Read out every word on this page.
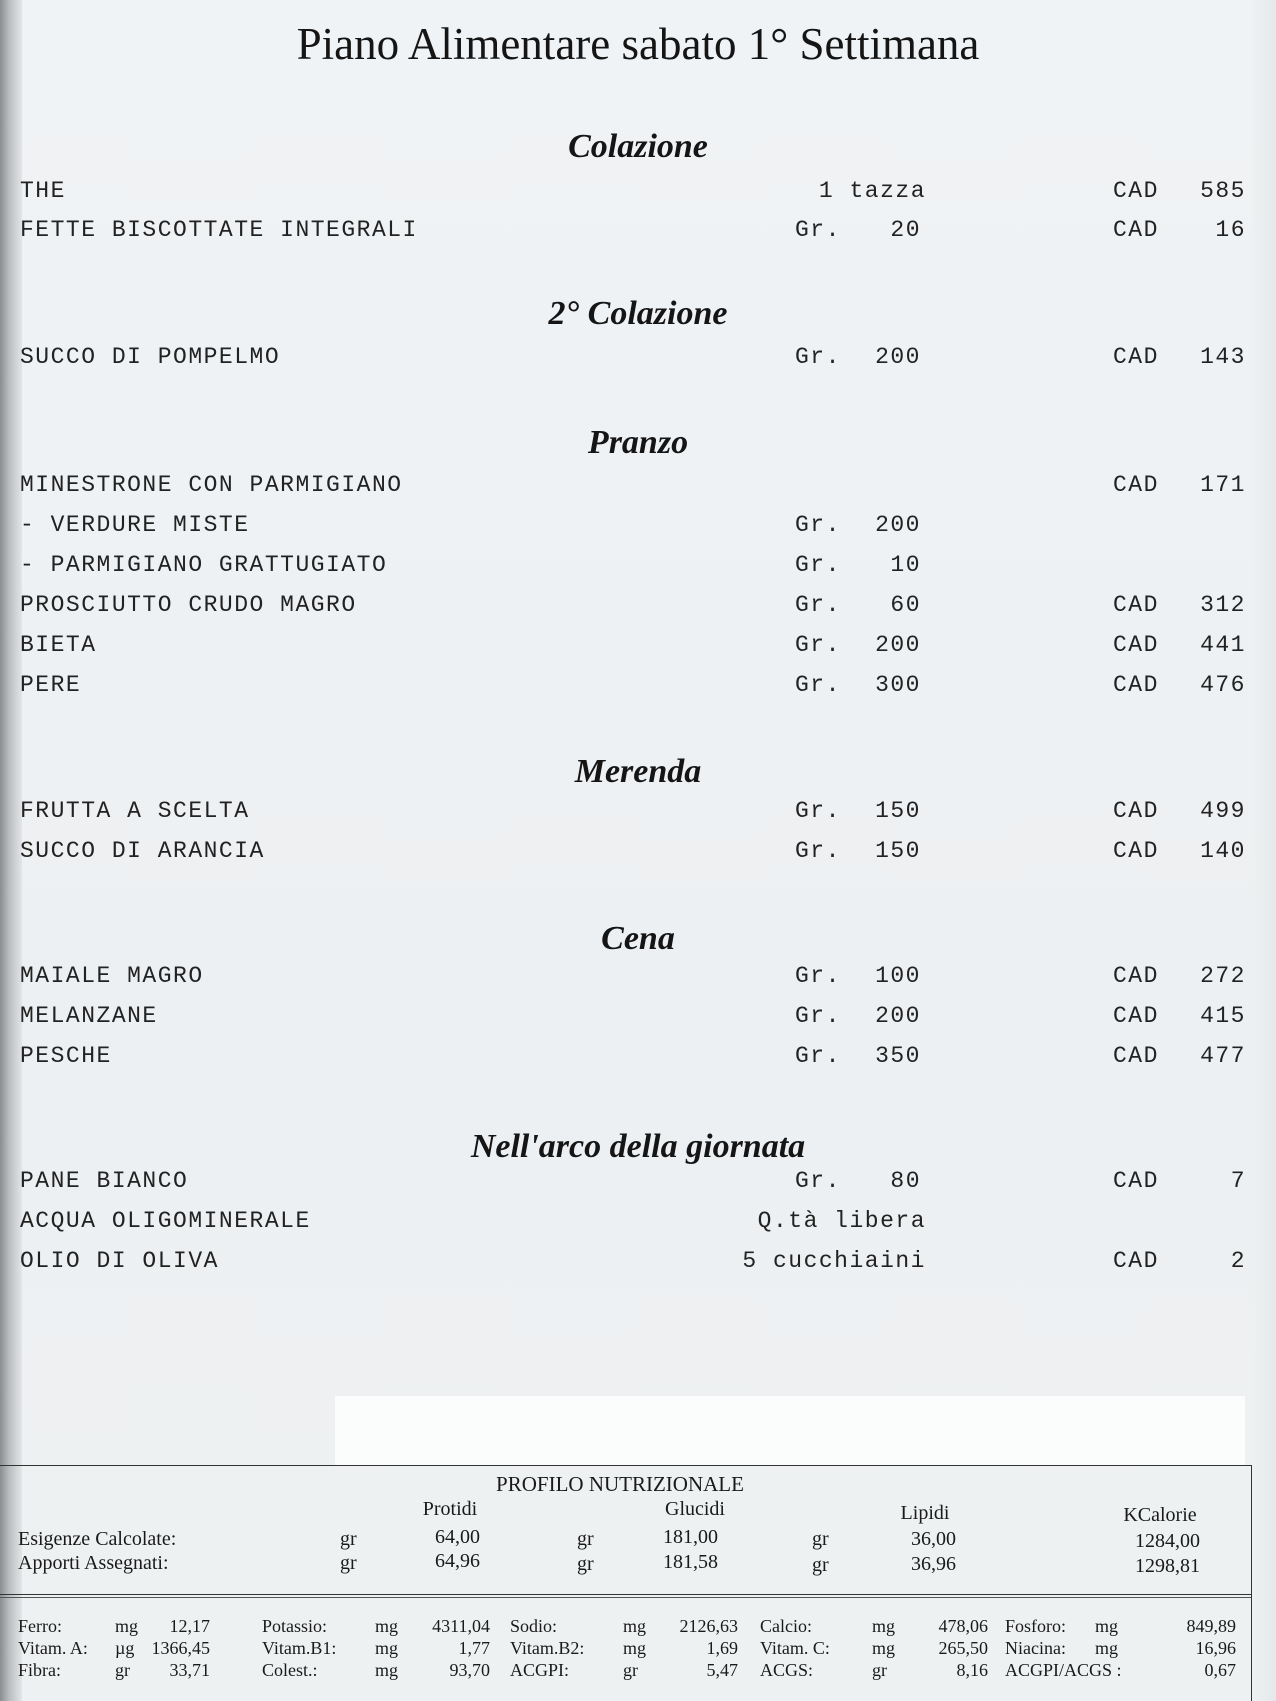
Piano Alimentare sabato 1° Settimana
Colazione
THE	1 tazza	CAD 585
FETTE BISCOTTATE INTEGRALI	Gr.	20	CAD 16
2° Colazione
SUCCO DI POMPELMO	Gr.	200	CAD 143
Pranzo
MINESTRONE CON PARMIGIANO	CAD 171
- VERDURE MISTE	Gr.	200
- PARMIGIANO GRATTUGIATO	Gr.	10
PROSCIUTTO CRUDO MAGRO	Gr.	60	CAD 312
BIETA	Gr.	200	CAD 441
PERE	Gr.	300	CAD 476
Merenda
FRUTTA A SCELTA	Gr.	150	CAD 499
SUCCO DI ARANCIA	Gr.	150	CAD 140
Cena
MAIALE MAGRO	Gr.	100	CAD 272
MELANZANE	Gr.	200	CAD 415
PESCHE	Gr.	350	CAD 477
Nell'arco della giornata
PANE BIANCO	Gr.	80	CAD	7
ACQUA OLIGOMINERALE	Q.tà libera
OLIO DI OLIVA	5 cucchiaini	CAD	2
PROFILO NUTRIZIONALE
Protidi	Glucidi	Lipidi	KCalorie
Esigenze Calcolate:	gr	64,00	gr	181,00	gr	36,00	1284,00
Apporti Assegnati:	gr	64,96	gr	181,58	gr	36,96	1298,81
Ferro:	mg	12,17	Potassio:	mg	4311,04 Sodio:	mg	2126,63 Calcio:	mg	478,06 Fosforo: mg	849,89
Vitam. A: µg 1366,45	Vitam.B1: mg	1,77 Vitam.B2: mg	1,69 Vitam. C: mg	265,50 Niacina: mg	16,96
Fibra:	gr	33,71	Colest.:	mg	93,70 ACGPI:	gr	5,47 ACGS:	gr	8,16 ACGPI/ACGS :	0,67
